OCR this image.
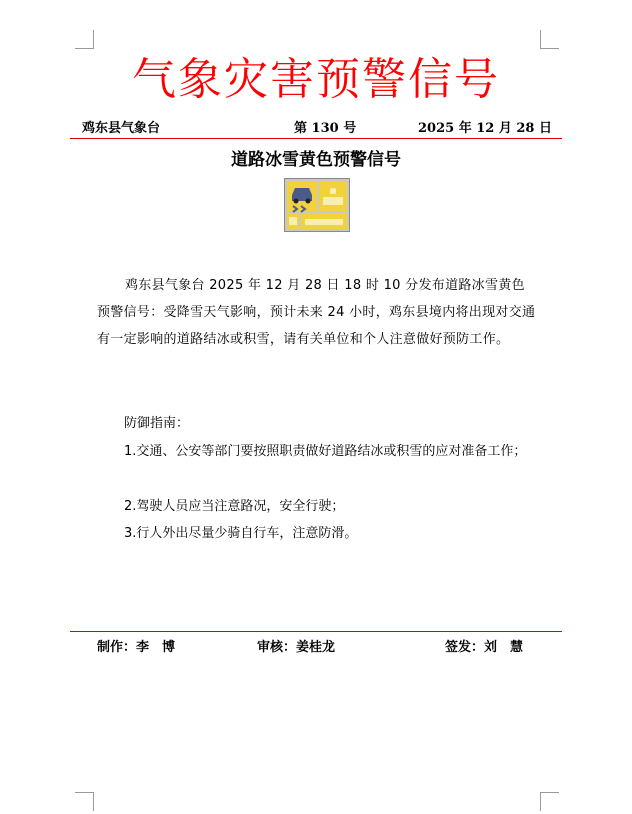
气象灾害预警信号
鸡东县气象台	第 130 号	2025 年 12 月 28 日
道路冰雪黄色预警信号
▦
鸡东县气象台 2025 年 12 月 28 日 18 时 10 分发布道路冰雪黄色预警信号：受降雪天气影响，预计未来 24 小时，鸡东县境内将出现对交通有一定影响的道路结冰或积雪，请有关单位和个人注意做好预防工作。
防御指南：
1.交通、公安等部门要按照职责做好道路结冰或积雪的应对准备工作；
2.驾驶人员应当注意路况，安全行驶；
3.行人外出尽量少骑自行车，注意防滑。
制作：李　博	审核：姜桂龙	签发：刘　慧
